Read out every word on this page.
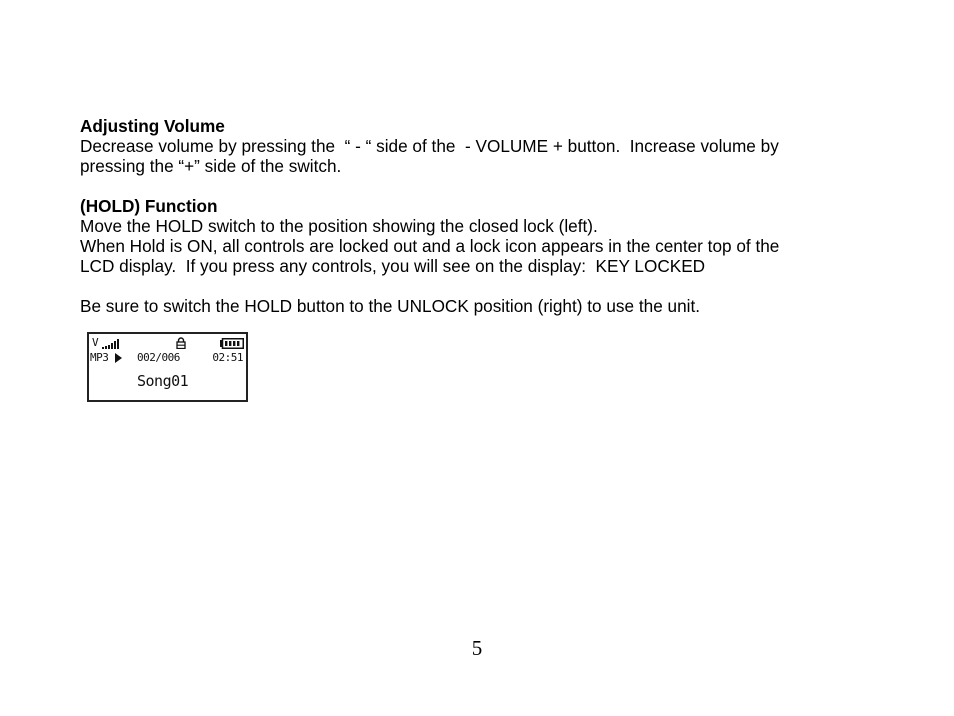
Adjusting Volume

Decrease volume by pressing the  “ - “ side of the  - VOLUME + button.  Increase volume by

pressing the “+” side of the switch.

(HOLD) Function

Move the HOLD switch to the position showing the closed lock (left).

When Hold is ON, all controls are locked out and a lock icon appears in the center top of the

LCD display.  If you press any controls, you will see on the display:  KEY LOCKED

Be sure to switch the HOLD button to the UNLOCK position (right) to use the unit.

V
MP3	002/006	02:51
Song01
5
